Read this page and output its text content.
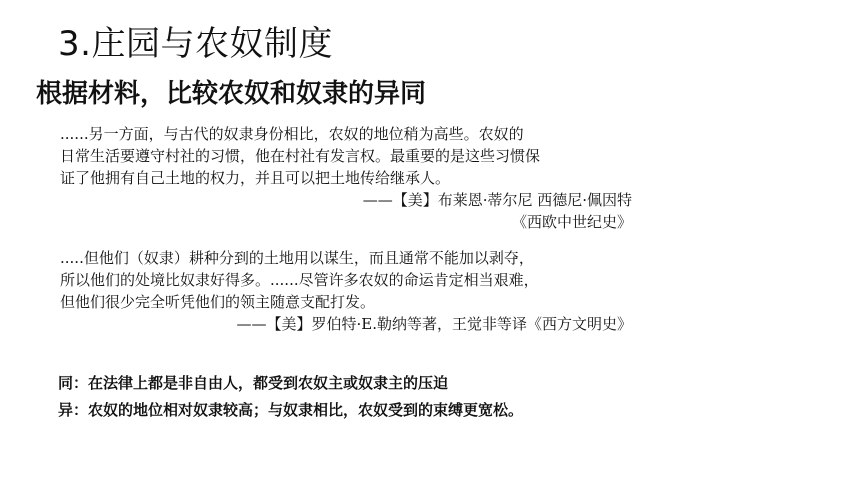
3.庄园与农奴制度
根据材料，比较农奴和奴隶的异同
......另一方面，与古代的奴隶身份相比，农奴的地位稍为高些。农奴的
日常生活要遵守村社的习惯，他在村社有发言权。最重要的是这些习惯保
证了他拥有自己土地的权力，并且可以把土地传给继承人。
——【美】布莱恩·蒂尔尼 西德尼·佩因特
《西欧中世纪史》
.....但他们（奴隶）耕种分到的土地用以谋生，而且通常不能加以剥夺，
所以他们的处境比奴隶好得多。......尽管许多农奴的命运肯定相当艰难，
但他们很少完全听凭他们的领主随意支配打发。
——【美】罗伯特·E.勒纳等著，王觉非等译《西方文明史》
同：在法律上都是非自由人，都受到农奴主或奴隶主的压迫
异：农奴的地位相对奴隶较高；与奴隶相比，农奴受到的束缚更宽松。
